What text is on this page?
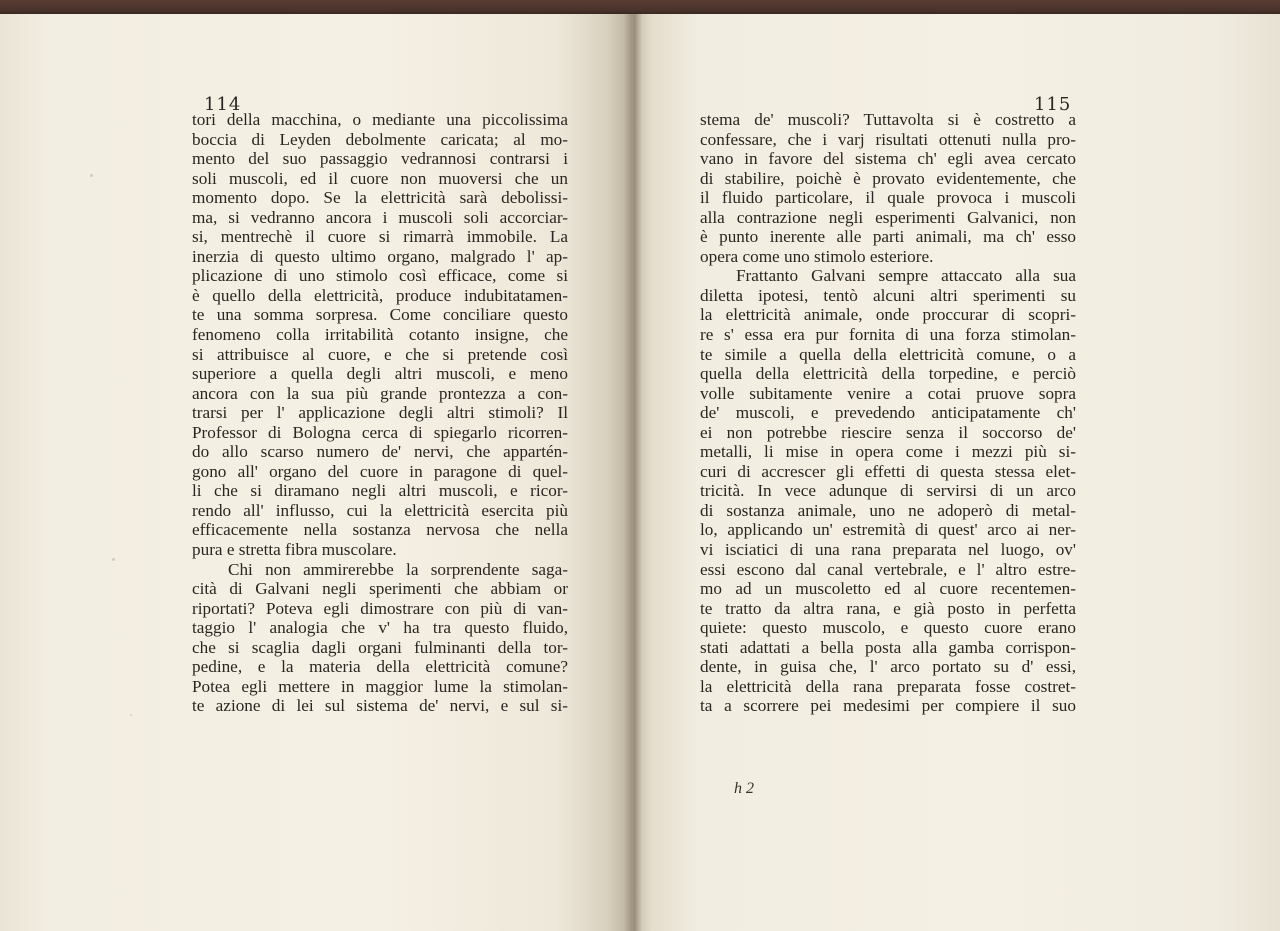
114	115
tori della macchina, o mediante una piccolissima
boccia di Leyden debolmente caricata; al mo-
mento del suo passaggio vedrannosi contrarsi i
soli muscoli, ed il cuore non muoversi che un
momento dopo. Se la elettricità sarà debolissi-
ma, si vedranno ancora i muscoli soli accorciar-
si, mentrechè il cuore si rimarrà immobile. La
inerzia di questo ultimo organo, malgrado l' ap-
plicazione di uno stimolo così efficace, come si
è quello della elettricità, produce indubitatamen-
te una somma sorpresa. Come conciliare questo
fenomeno colla irritabilità cotanto insigne, che
si attribuisce al cuore, e che si pretende così
superiore a quella degli altri muscoli, e meno
ancora con la sua più grande prontezza a con-
trarsi per l' applicazione degli altri stimoli? Il
Professor di Bologna cerca di spiegarlo ricorren-
do allo scarso numero de' nervi, che appartén-
gono all' organo del cuore in paragone di quel-
li che si diramano negli altri muscoli, e ricor-
rendo all' influsso, cui la elettricità esercita più
efficacemente nella sostanza nervosa che nella
pura e stretta fibra muscolare.
Chi non ammirerebbe la sorprendente saga-
cità di Galvani negli sperimenti che abbiam or
riportati? Poteva egli dimostrare con più di van-
taggio l' analogia che v' ha tra questo fluido,
che si scaglia dagli organi fulminanti della tor-
pedine, e la materia della elettricità comune?
Potea egli mettere in maggior lume la stimolan-
te azione di lei sul sistema de' nervi, e sul si-
stema de' muscoli? Tuttavolta si è costretto a
confessare, che i varj risultati ottenuti nulla pro-
vano in favore del sistema ch' egli avea cercato
di stabilire, poichè è provato evidentemente, che
il fluido particolare, il quale provoca i muscoli
alla contrazione negli esperimenti Galvanici, non
è punto inerente alle parti animali, ma ch' esso
opera come uno stimolo esteriore.
Frattanto Galvani sempre attaccato alla sua
diletta ipotesi, tentò alcuni altri sperimenti su
la elettricità animale, onde proccurar di scopri-
re s' essa era pur fornita di una forza stimolan-
te simile a quella della elettricità comune, o a
quella della elettricità della torpedine, e perciò
volle subitamente venire a cotai pruove sopra
de' muscoli, e prevedendo anticipatamente ch'
ei non potrebbe riescire senza il soccorso de'
metalli, li mise in opera come i mezzi più si-
curi di accrescer gli effetti di questa stessa elet-
tricità. In vece adunque di servirsi di un arco
di sostanza animale, uno ne adoperò di metal-
lo, applicando un' estremità di quest' arco ai ner-
vi isciatici di una rana preparata nel luogo, ov'
essi escono dal canal vertebrale, e l' altro estre-
mo ad un muscoletto ed al cuore recentemen-
te tratto da altra rana, e già posto in perfetta
quiete: questo muscolo, e questo cuore erano
stati adattati a bella posta alla gamba corrispon-
dente, in guisa che, l' arco portato su d' essi,
la elettricità della rana preparata fosse costret-
ta a scorrere pei medesimi per compiere il suo
h 2
